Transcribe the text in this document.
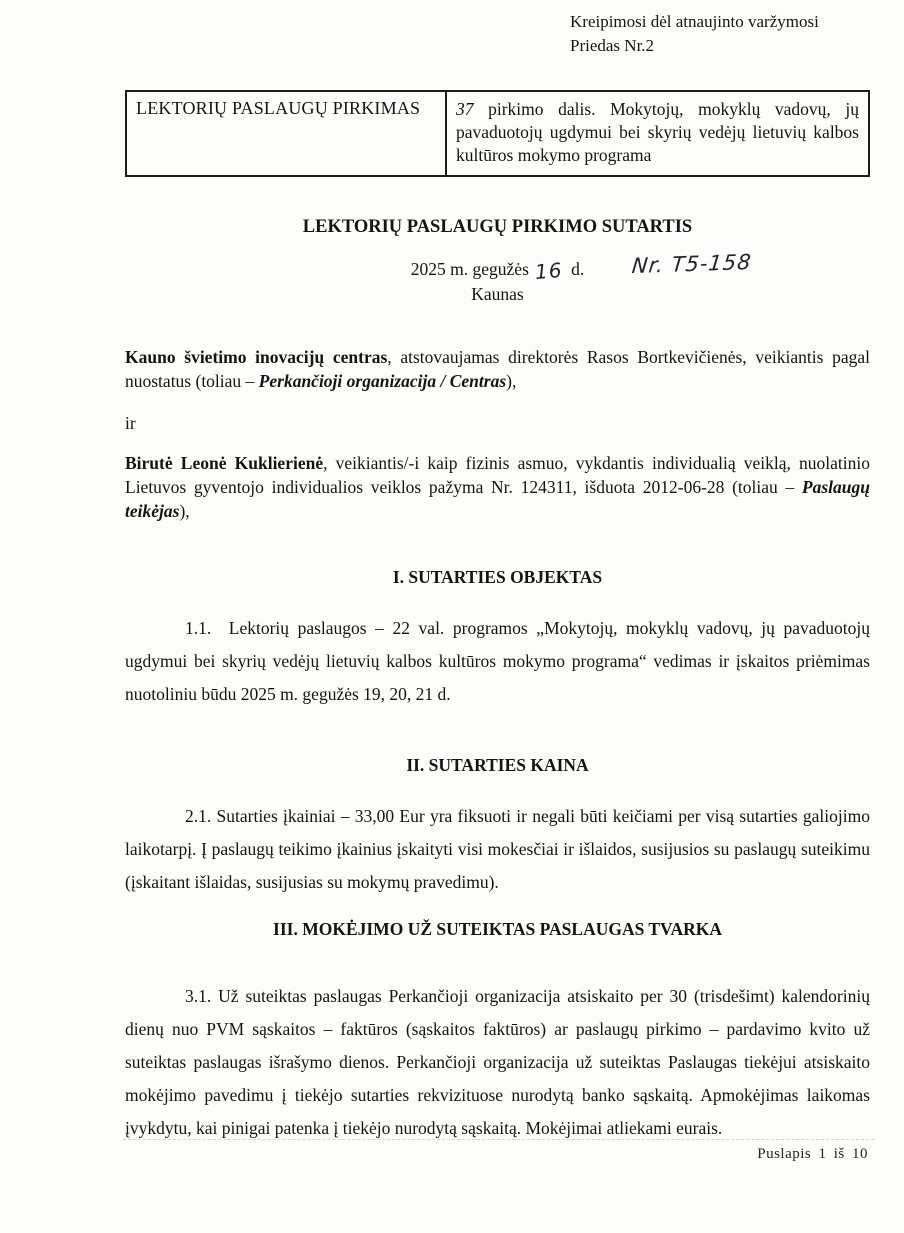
Kreipimosi dėl atnaujinto varžymosi
Priedas Nr.2
LEKTORIŲ PASLAUGŲ PIRKIMAS	37 pirkimo dalis. Mokytojų, mokyklų vadovų, jų pavaduotojų ugdymui bei skyrių vedėjų lietuvių kalbos kultūros mokymo programa
LEKTORIŲ PASLAUGŲ PIRKIMO SUTARTIS
2025 m. gegužės 16 d. Nr. T5-158
Kaunas

Kauno švietimo inovacijų centras, atstovaujamas direktorės Rasos Bortkevičienės, veikiantis pagal nuostatus (toliau – Perkančioji organizacija / Centras),

ir

Birutė Leonė Kuklierienė, veikiantis/-i kaip fizinis asmuo, vykdantis individualią veiklą, nuolatinio Lietuvos gyventojo individualios veiklos pažyma Nr. 124311, išduota 2012-06-28 (toliau – Paslaugų teikėjas),

I. SUTARTIES OBJEKTAS

1.1. Lektorių paslaugos – 22 val. programos „Mokytojų, mokyklų vadovų, jų pavaduotojų ugdymui bei skyrių vedėjų lietuvių kalbos kultūros mokymo programa“ vedimas ir įskaitos priėmimas nuotoliniu būdu 2025 m. gegužės 19, 20, 21 d.

II. SUTARTIES KAINA

2.1. Sutarties įkainiai – 33,00 Eur yra fiksuoti ir negali būti keičiami per visą sutarties galiojimo laikotarpį. Į paslaugų teikimo įkainius įskaityti visi mokesčiai ir išlaidos, susijusios su paslaugų suteikimu (įskaitant išlaidas, susijusias su mokymų pravedimu).

III. MOKĖJIMO UŽ SUTEIKTAS PASLAUGAS TVARKA

3.1. Už suteiktas paslaugas Perkančioji organizacija atsiskaito per 30 (trisdešimt) kalendorinių dienų nuo PVM sąskaitos – faktūros (sąskaitos faktūros) ar paslaugų pirkimo – pardavimo kvito už suteiktas paslaugas išrašymo dienos. Perkančioji organizacija už suteiktas Paslaugas tiekėjui atsiskaito mokėjimo pavedimu į tiekėjo sutarties rekvizituose nurodytą banko sąskaitą. Apmokėjimas laikomas įvykdytu, kai pinigai patenka į tiekėjo nurodytą sąskaitą. Mokėjimai atliekami eurais.

Puslapis 1 iš 10
